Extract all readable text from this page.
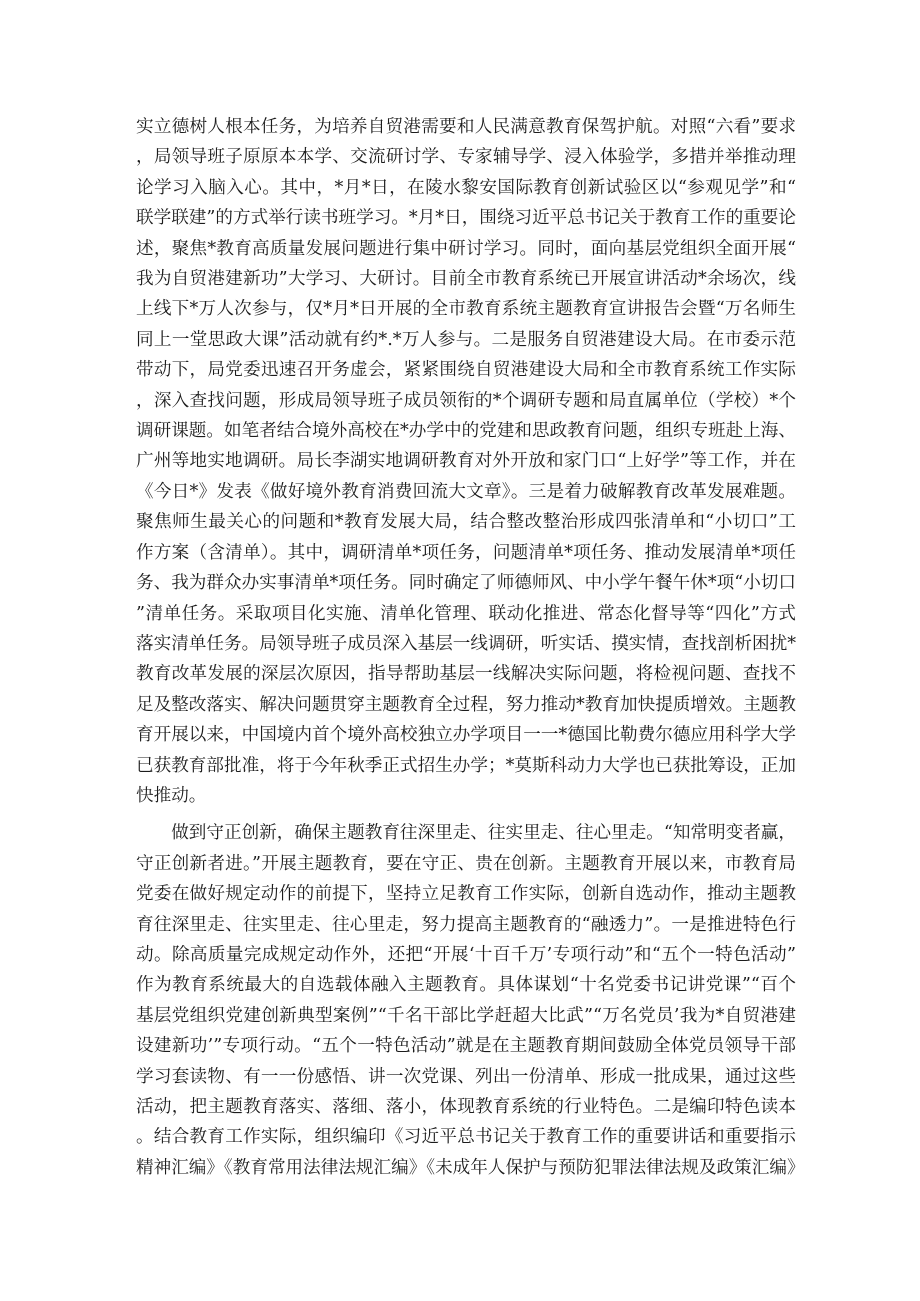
实立德树人根本任务，为培养自贸港需要和人民满意教育保驾护航。对照“六看”要求，局领导班子原原本本学、交流研讨学、专家辅导学、浸入体验学，多措并举推动理论学习入脑入心。其中，*月*日，在陵水黎安国际教育创新试验区以“参观见学”和“联学联建”的方式举行读书班学习。*月*日，围绕习近平总书记关于教育工作的重要论述，聚焦*教育高质量发展问题进行集中研讨学习。同时，面向基层党组织全面开展“我为自贸港建新功”大学习、大研讨。目前全市教育系统已开展宣讲活动*余场次，线上线下*万人次参与，仅*月*日开展的全市教育系统主题教育宣讲报告会暨“万名师生同上一堂思政大课”活动就有约*.*万人参与。二是服务自贸港建设大局。在市委示范带动下，局党委迅速召开务虚会，紧紧围绕自贸港建设大局和全市教育系统工作实际，深入查找问题，形成局领导班子成员领衔的*个调研专题和局直属单位（学校）*个调研课题。如笔者结合境外高校在*办学中的党建和思政教育问题，组织专班赴上海、广州等地实地调研。局长李湖实地调研教育对外开放和家门口“上好学”等工作，并在《今日*》发表《做好境外教育消费回流大文章》。三是着力破解教育改革发展难题。聚焦师生最关心的问题和*教育发展大局，结合整改整治形成四张清单和“小切口”工作方案（含清单）。其中，调研清单*项任务，问题清单*项任务、推动发展清单*项任务、我为群众办实事清单*项任务。同时确定了师德师风、中小学午餐午休*项“小切口”清单任务。采取项目化实施、清单化管理、联动化推进、常态化督导等“四化”方式落实清单任务。局领导班子成员深入基层一线调研，听实话、摸实情，查找剖析困扰*教育改革发展的深层次原因，指导帮助基层一线解决实际问题，将检视问题、查找不足及整改落实、解决问题贯穿主题教育全过程，努力推动*教育加快提质增效。主题教育开展以来，中国境内首个境外高校独立办学项目一一*德国比勒费尔德应用科学大学已获教育部批准，将于今年秋季正式招生办学；*莫斯科动力大学也已获批筹设，正加快推动。

做到守正创新，确保主题教育往深里走、往实里走、往心里走。“知常明变者赢，守正创新者进。”开展主题教育，要在守正、贵在创新。主题教育开展以来，市教育局党委在做好规定动作的前提下，坚持立足教育工作实际，创新自选动作，推动主题教育往深里走、往实里走、往心里走，努力提高主题教育的“融透力”。一是推进特色行动。除高质量完成规定动作外，还把“开展‘十百千万’专项行动”和“五个一特色活动”作为教育系统最大的自选载体融入主题教育。具体谋划“十名党委书记讲党课”“百个基层党组织党建创新典型案例”“千名干部比学赶超大比武”“万名党员’我为*自贸港建设建新功’”专项行动。“五个一特色活动”就是在主题教育期间鼓励全体党员领导干部学习套读物、有一一份感悟、讲一次党课、列出一份清单、形成一批成果，通过这些活动，把主题教育落实、落细、落小，体现教育系统的行业特色。二是编印特色读本。结合教育工作实际，组织编印《习近平总书记关于教育工作的重要讲话和重要指示精神汇编》《教育常用法律法规汇编》《未成年人保护与预防犯罪法律法规及政策汇编》
